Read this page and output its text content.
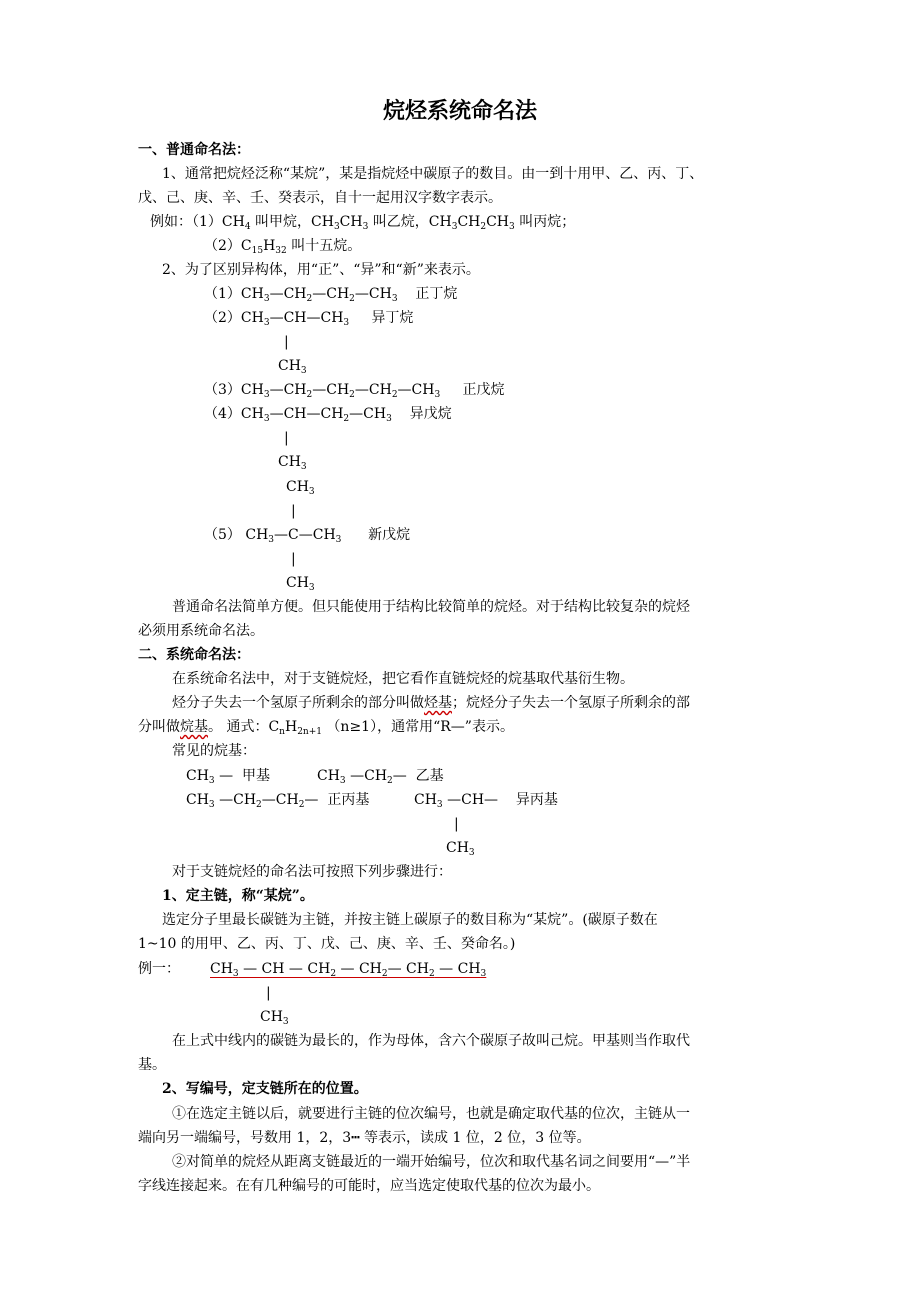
烷烃系统命名法
一、普通命名法：
1、通常把烷烃泛称“某烷”，某是指烷烃中碳原子的数目。由一到十用甲、乙、丙、丁、
戊、己、庚、辛、壬、癸表示，自十一起用汉字数字表示。
例如：$(1)CH_4$ 叫甲烷，$CH_3CH_3$ 叫乙烷，$CH_3CH_2CH_3$ 叫丙烷；
$(2)C_{15}H_{32}$ 叫十五烷。
2、为了区别异构体，用“正”、“异”和“新”来表示。
$(1)CH_3—CH_2—CH_2—CH_3$ 正丁烷
$(2)CH_3—CH—CH_3$ 异丁烷
|
$CH_3$
$(3)CH_3—CH_2—CH_2—CH_2—CH_3$ 正戊烷
$(4)CH_3—CH—CH_2—CH_3$ 异戊烷
|
$CH_3$
$CH_3$
|
（5） $CH_3—C—CH_3$ 新戊烷
|
$CH_3$
普通命名法简单方便。但只能使用于结构比较简单的烷烃。对于结构比较复杂的烷烃
必须用系统命名法。
二、系统命名法：
在系统命名法中，对于支链烷烃，把它看作直链烷烃的烷基取代基衍生物。
烃分子失去一个氢原子所剩余的部分叫做烃基；烷烃分子失去一个氢原子所剩余的部
分叫做烷基。 通式：$C_nH_{2n+1}$ （n≥1），通常用“R—”表示。
常见的烷基：
$CH_3$ —  甲基	$CH_3$ $—CH_2—$  乙基
$CH_3$ $—CH_2—CH_2—$  正丙基	$CH_3$ —CH—    异丙基
|
$CH_3$
对于支链烷烃的命名法可按照下列步骤进行：
1、定主链，称“某烷”。
选定分子里最长碳链为主链，并按主链上碳原子的数目称为“某烷”。(碳原子数在
1~10 的用甲、乙、丙、丁、戊、己、庚、辛、壬、癸命名。)
例一： $CH_3$ — CH — $CH_2$ — $CH_2—$ $CH_2$ — $CH_3$
|
$CH_3$
在上式中线内的碳链为最长的，作为母体，含六个碳原子故叫己烷。甲基则当作取代
基。
2、写编号，定支链所在的位置。
①在选定主链以后，就要进行主链的位次编号，也就是确定取代基的位次，主链从一
端向另一端编号，号数用 1，2，3┅ 等表示，读成 1 位，2 位，3 位等。
②对简单的烷烃从距离支链最近的一端开始编号，位次和取代基名词之间要用“—”半
字线连接起来。在有几种编号的可能时，应当选定使取代基的位次为最小。
